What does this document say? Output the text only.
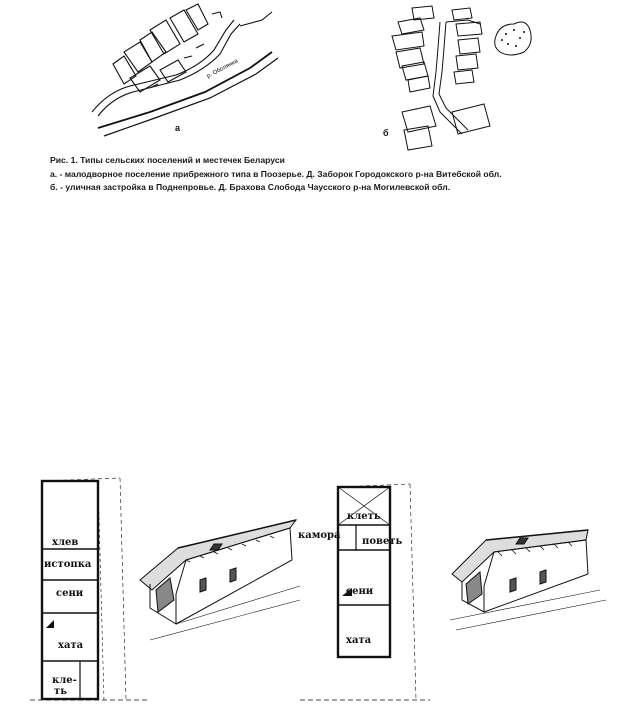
р. Оболянка
а	б
Рис. 1. Типы сельских поселений и местечек Беларуси
а. - малодворное поселение прибрежного типа в Поозерье. Д. Заборок Городокского р-на Витебской обл.
б. - уличная застройка в Поднепровье. Д. Брахова Слобода Чаусского р-на Могилевской обл.
хлев
истопка
сени
хата
кле-
ть
клеть
камора
поветь
сени
хата
